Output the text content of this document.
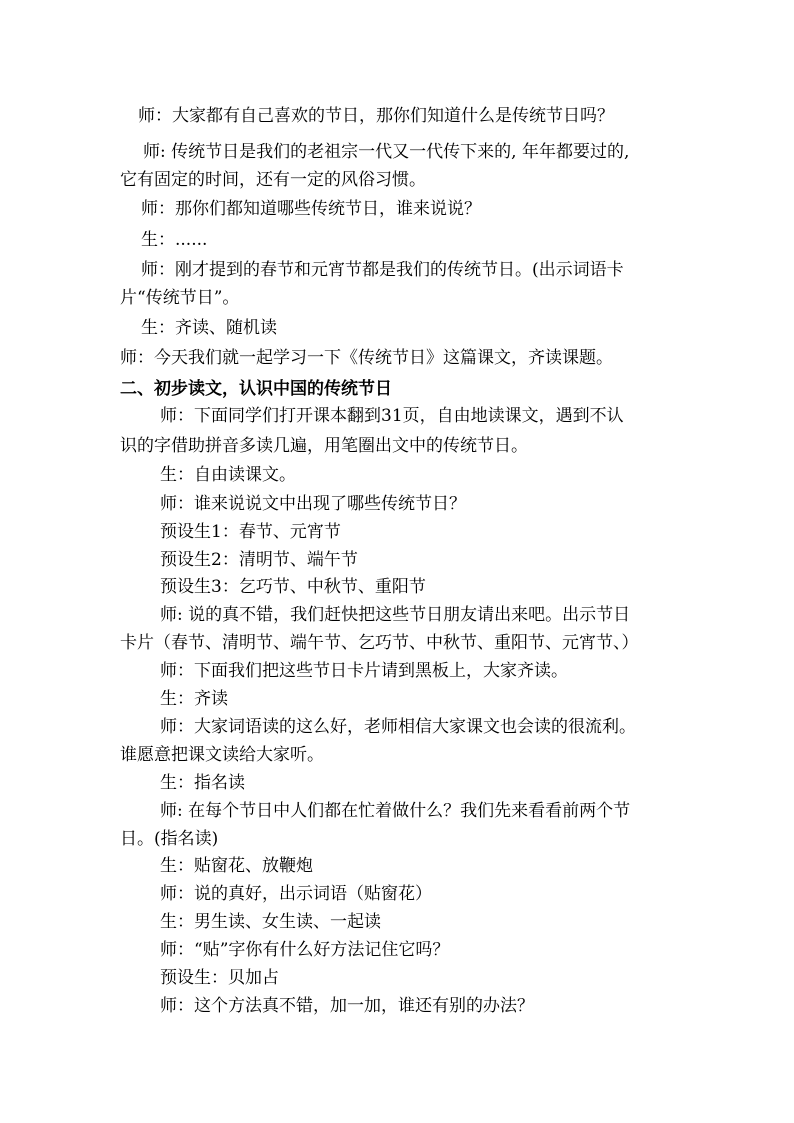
师：大家都有自己喜欢的节日，那你们知道什么是传统节日吗？

师: 传统节日是我们的老祖宗一代又一代传下来的, 年年都要过的,

它有固定的时间，还有一定的风俗习惯。

师：那你们都知道哪些传统节日，谁来说说？

生：......

师：刚才提到的春节和元宵节都是我们的传统节日。(出示词语卡

片“传统节日”。

生：齐读、随机读

师：今天我们就一起学习一下《传统节日》这篇课文，齐读课题。

二、初步读文，认识中国的传统节日

师：下面同学们打开课本翻到31页，自由地读课文，遇到不认

识的字借助拼音多读几遍，用笔圈出文中的传统节日。

生：自由读课文。

师：谁来说说文中出现了哪些传统节日？

预设生1：春节、元宵节

预设生2：清明节、端午节

预设生3：乞巧节、中秋节、重阳节

师: 说的真不错，我们赶快把这些节日朋友请出来吧。出示节日

卡片（春节、清明节、端午节、乞巧节、中秋节、重阳节、元宵节、）

师：下面我们把这些节日卡片请到黑板上，大家齐读。

生：齐读

师：大家词语读的这么好，老师相信大家课文也会读的很流利。

谁愿意把课文读给大家听。

生：指名读

师: 在每个节日中人们都在忙着做什么？我们先来看看前两个节

日。(指名读)

生：贴窗花、放鞭炮

师：说的真好，出示词语（贴窗花）

生：男生读、女生读、一起读

师：“贴”字你有什么好方法记住它吗？

预设生：贝加占

师：这个方法真不错，加一加，谁还有别的办法？
